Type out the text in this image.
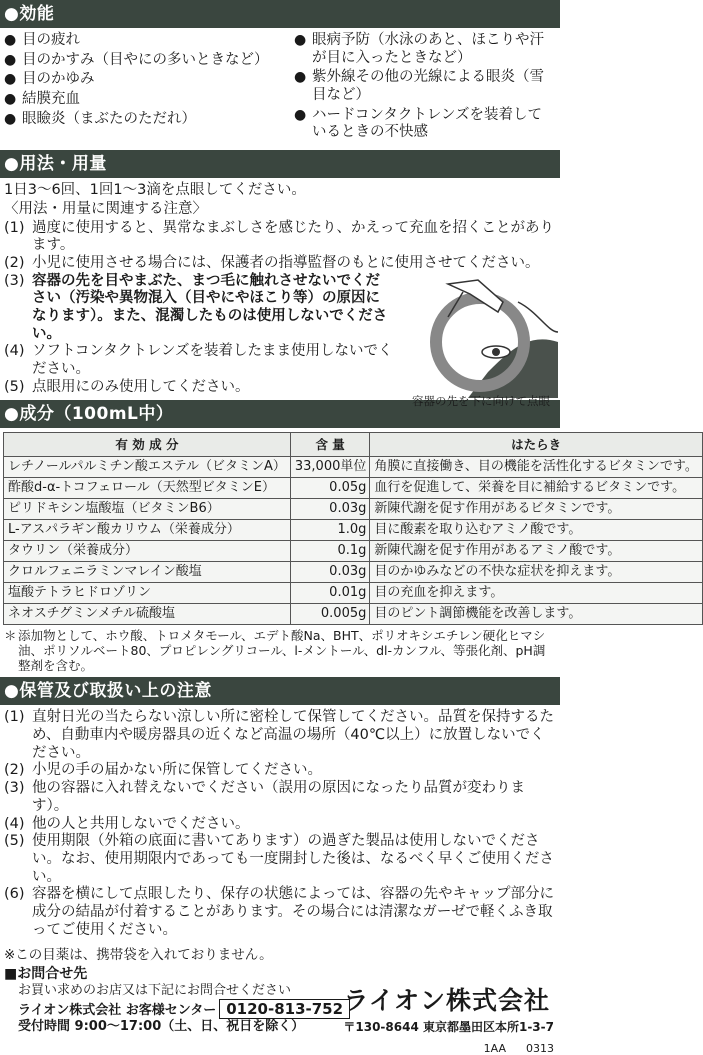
●効能
● 目の疲れ
● 目のかすみ（目やにの多いときなど）
● 目のかゆみ
● 結膜充血
● 眼瞼炎（まぶたのただれ）
● 眼病予防（水泳のあと、ほこりや汗が目に入ったときなど）
● 紫外線その他の光線による眼炎（雪目など）
● ハードコンタクトレンズを装着しているときの不快感
●用法・用量
1日3～6回、1回1～3滴を点眼してください。
〈用法・用量に関連する注意〉
(1) 過度に使用すると、異常なまぶしさを感じたり、かえって充血を招くことがあります。
(2) 小児に使用させる場合には、保護者の指導監督のもとに使用させてください。
(3) 容器の先を目やまぶた、まつ毛に触れさせないでください（汚染や異物混入（目やにやほこり等）の原因になります）。また、混濁したものは使用しないでください。
(4) ソフトコンタクトレンズを装着したまま使用しないでください。
(5) 点眼用にのみ使用してください。
容器の先を下に向けて点眼
●成分（100mL中）
有 効 成 分	含 量	はたらき
レチノールパルミチン酸エステル（ビタミンA）	33,000単位	角膜に直接働き、目の機能を活性化するビタミンです。
酢酸d-α-トコフェロール（天然型ビタミンE）	0.05g	血行を促進して、栄養を目に補給するビタミンです。
ピリドキシン塩酸塩（ビタミンB6）	0.03g	新陳代謝を促す作用があるビタミンです。
L-アスパラギン酸カリウム（栄養成分）	1.0g	目に酸素を取り込むアミノ酸です。
タウリン（栄養成分）	0.1g	新陳代謝を促す作用があるアミノ酸です。
クロルフェニラミンマレイン酸塩	0.03g	目のかゆみなどの不快な症状を抑えます。
塩酸テトラヒドロゾリン	0.01g	目の充血を抑えます。
ネオスチグミンメチル硫酸塩	0.005g	目のピント調節機能を改善します。
＊ 添加物として、ホウ酸、トロメタモール、エデト酸Na、BHT、ポリオキシエチレン硬化ヒマシ油、ポリソルベート80、プロピレングリコール、l-メントール、dl-カンフル、等張化剤、pH調整剤を含む。
●保管及び取扱い上の注意
(1) 直射日光の当たらない涼しい所に密栓して保管してください。品質を保持するため、自動車内や暖房器具の近くなど高温の場所（40℃以上）に放置しないでください。
(2) 小児の手の届かない所に保管してください。
(3) 他の容器に入れ替えないでください（誤用の原因になったり品質が変わります）。
(4) 他の人と共用しないでください。
(5) 使用期限（外箱の底面に書いてあります）の過ぎた製品は使用しないでください。なお、使用期限内であっても一度開封した後は、なるべく早くご使用ください。
(6) 容器を横にして点眼したり、保存の状態によっては、容器の先やキャップ部分に成分の結晶が付着することがあります。その場合には清潔なガーゼで軽くふき取ってご使用ください。
※この目薬は、携帯袋を入れておりません。
■お問合せ先
お買い求めのお店又は下記にお問合せください
ライオン株式会社 お客様センター 0120-813-752
受付時間 9:00～17:00（土、日、祝日を除く）
ライオン株式会社
〒130-8644 東京都墨田区本所1-3-7
1AA 0313
